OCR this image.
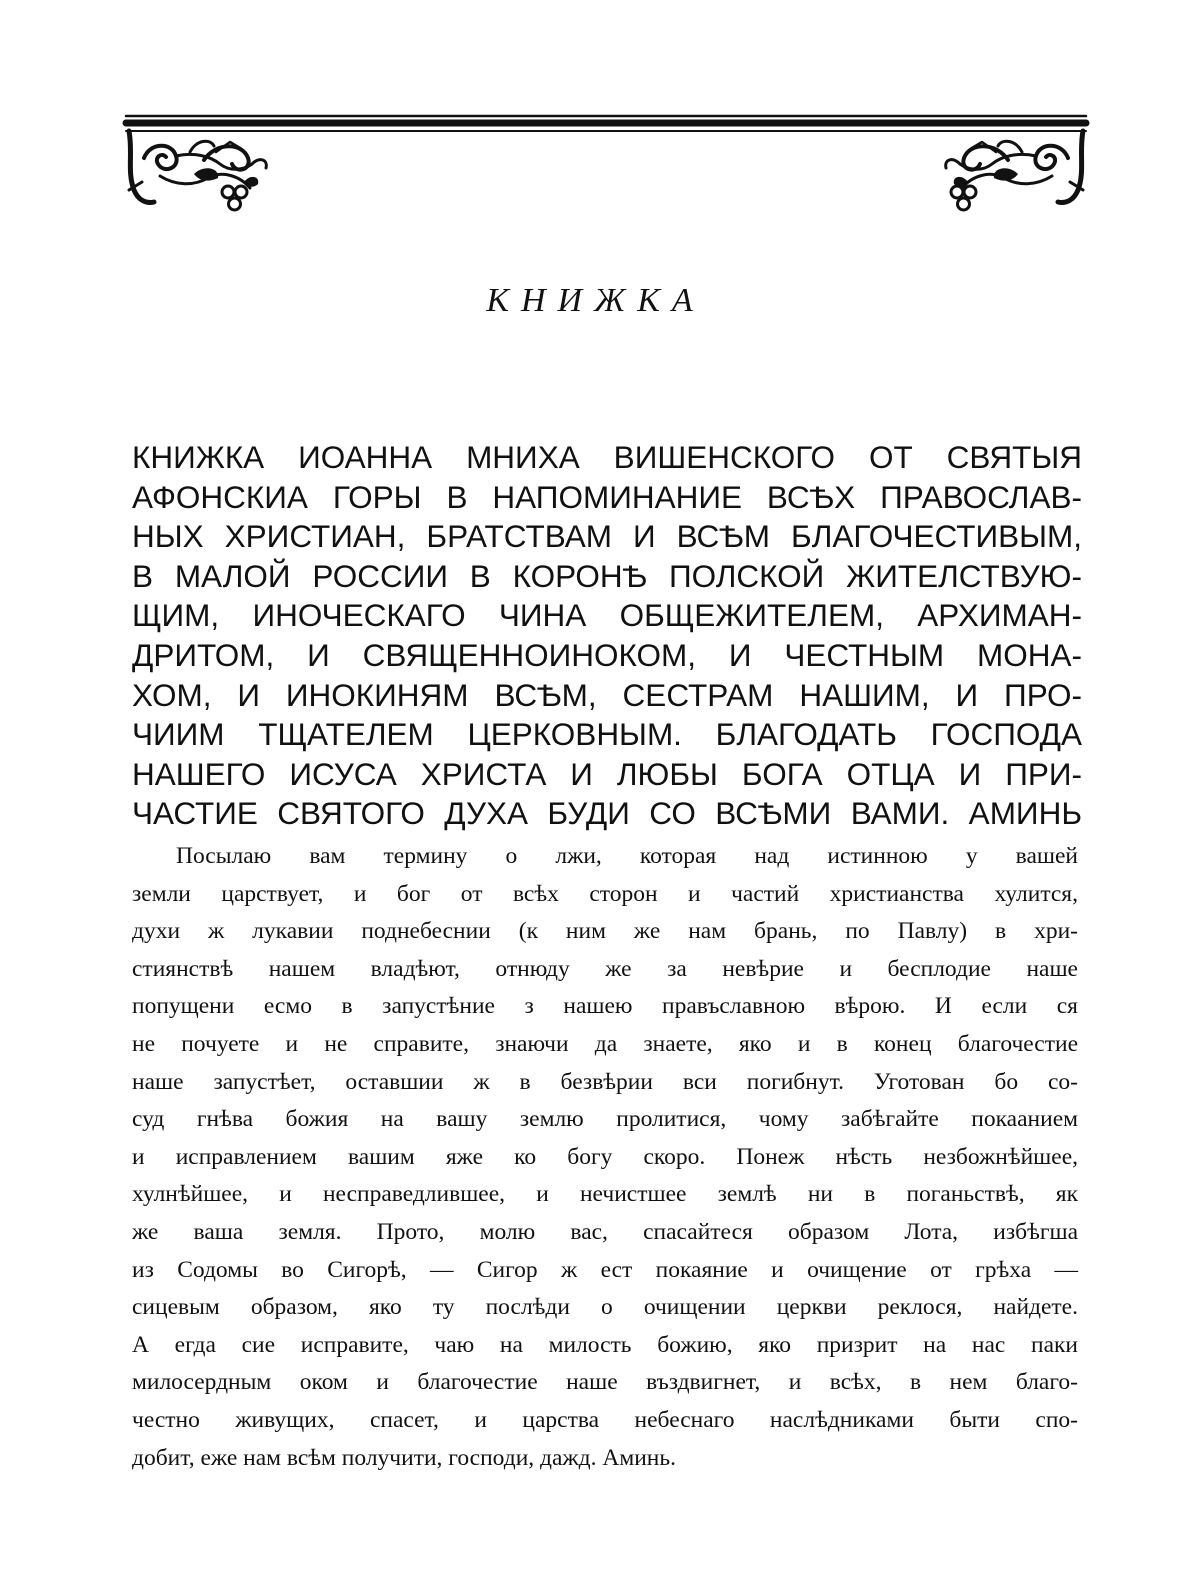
КНИЖКА
КНИЖКА ИОАННА МНИХА ВИШЕНСКОГО ОТ СВЯТЫЯ
АФОНСКИА ГОРЫ В НАПОМИНАНИЕ ВСѢХ ПРАВОСЛАВ-
НЫХ ХРИСТИАН, БРАТСТВАМ И ВСѢМ БЛАГОЧЕСТИВЫМ,
В МАЛОЙ РОССИИ В КОРОНѢ ПОЛСКОЙ ЖИТЕЛСТВУЮ-
ЩИМ, ИНОЧЕСКАГО ЧИНА ОБЩЕЖИТЕЛЕМ, АРХИМАН-
ДРИТОМ, И СВЯЩЕННОИНОКОМ, И ЧЕСТНЫМ МОНА-
ХОМ, И ИНОКИНЯМ ВСѢМ, СЕСТРАМ НАШИМ, И ПРО-
ЧИИМ ТЩАТЕЛЕМ ЦЕРКОВНЫМ. БЛАГОДАТЬ ГОСПОДА
НАШЕГО ИСУСА ХРИСТА И ЛЮБЫ БОГА ОТЦА И ПРИ-
ЧАСТИЕ СВЯТОГО ДУХА БУДИ СО ВСѢМИ ВАМИ. АМИНЬ
Посылаю вам термину о лжи, которая над истинною у вашей
земли царствует, и бог от всѣх сторон и частий христианства хулится,
духи ж лукавии поднебеснии (к ним же нам брань, по Павлу) в хри-
стиянствѣ нашем владѣют, отнюду же за невѣрие и бесплодие наше
попущени есмо в запустѣние з нашею правъславною вѣрою. И если ся
не почуете и не справите, знаючи да знаете, яко и в конец благочестие
наше запустѣет, оставшии ж в безвѣрии вси погибнут. Уготован бо со-
суд гнѣва божия на вашу землю пролитися, чому забѣгайте покаанием
и исправлением вашим яже ко богу скоро. Понеж нѣсть незбожнѣйшее,
хулнѣйшее, и несправедлившее, и нечистшее землѣ ни в поганьствѣ, як
же ваша земля. Прото, молю вас, спасайтеся образом Лота, избѣгша
из Содомы во Сигорѣ, — Сигор ж ест покаяние и очищение от грѣха —
сицевым образом, яко ту послѣди о очищении церкви реклося, найдете.
А егда сие исправите, чаю на милость божию, яко призрит на нас паки
милосердным оком и благочестие наше въздвигнет, и всѣх, в нем благо-
честно живущих, спасет, и царства небеснаго наслѣдниками быти спо-
добит, еже нам всѣм получити, господи, дажд. Аминь.
